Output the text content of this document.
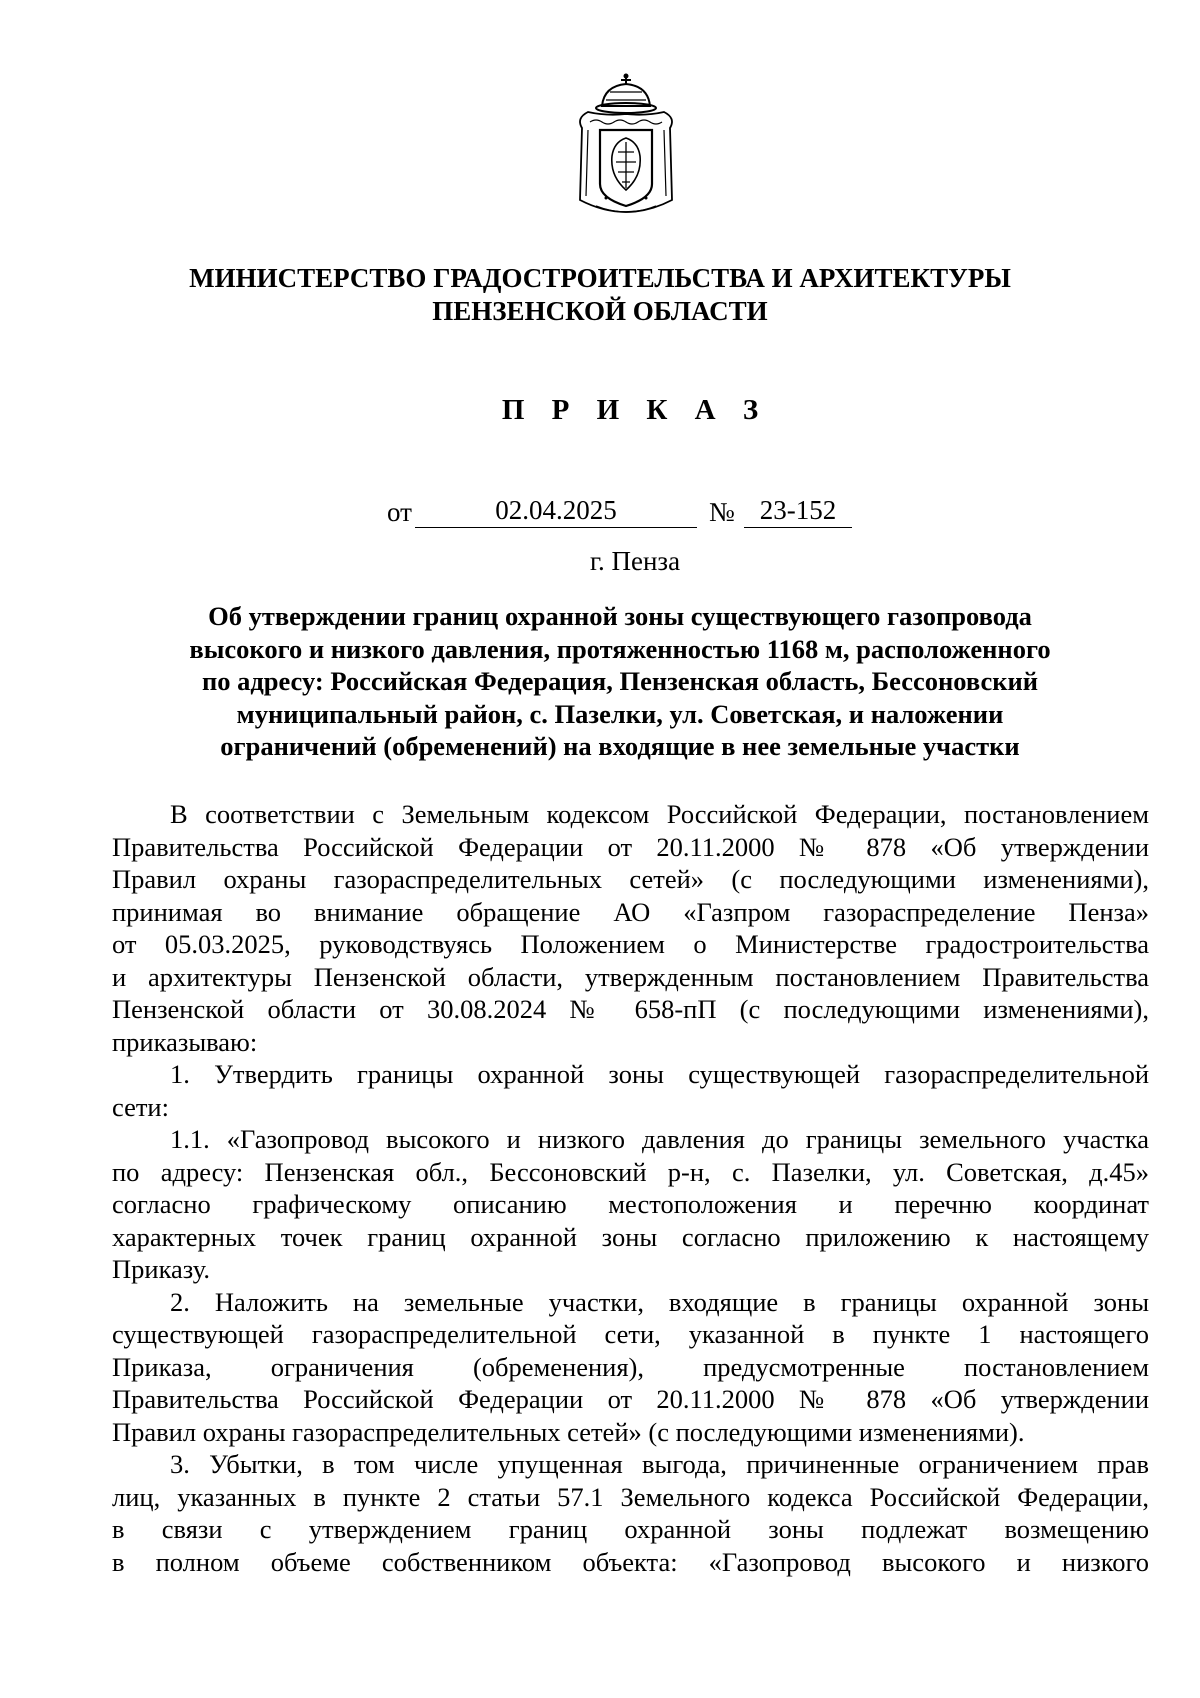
МИНИСТЕРСТВО ГРАДОСТРОИТЕЛЬСТВА И АРХИТЕКТУРЫ
ПЕНЗЕНСКОЙ ОБЛАСТИ
П Р И К А З
от	02.04.2025	№ 23-152
г. Пенза
Об утверждении границ охранной зоны существующего газопровода
высокого и низкого давления, протяженностью 1168 м, расположенного
по адресу: Российская Федерация, Пензенская область, Бессоновский
муниципальный район, с. Пазелки, ул. Советская, и наложении
ограничений (обременений) на входящие в нее земельные участки
В соответствии с Земельным кодексом Российской Федерации, постановлением
Правительства Российской Федерации от 20.11.2000 № 878 «Об утверждении
Правил охраны газораспределительных сетей» (с последующими изменениями),
принимая во внимание обращение АО «Газпром газораспределение Пенза»
от 05.03.2025, руководствуясь Положением о Министерстве градостроительства
и архитектуры Пензенской области, утвержденным постановлением Правительства
Пензенской области от 30.08.2024 № 658-пП (с последующими изменениями),
приказываю:
1. Утвердить границы охранной зоны существующей газораспределительной
сети:
1.1. «Газопровод высокого и низкого давления до границы земельного участка
по адресу: Пензенская обл., Бессоновский р-н, с. Пазелки, ул. Советская, д.45»
согласно графическому описанию местоположения и перечню координат
характерных точек границ охранной зоны согласно приложению к настоящему
Приказу.
2. Наложить на земельные участки, входящие в границы охранной зоны
существующей газораспределительной сети, указанной в пункте 1 настоящего
Приказа, ограничения (обременения), предусмотренные постановлением
Правительства Российской Федерации от 20.11.2000 № 878 «Об утверждении
Правил охраны газораспределительных сетей» (с последующими изменениями).
3. Убытки, в том числе упущенная выгода, причиненные ограничением прав
лиц, указанных в пункте 2 статьи 57.1 Земельного кодекса Российской Федерации,
в связи с утверждением границ охранной зоны подлежат возмещению
в полном объеме собственником объекта: «Газопровод высокого и низкого
